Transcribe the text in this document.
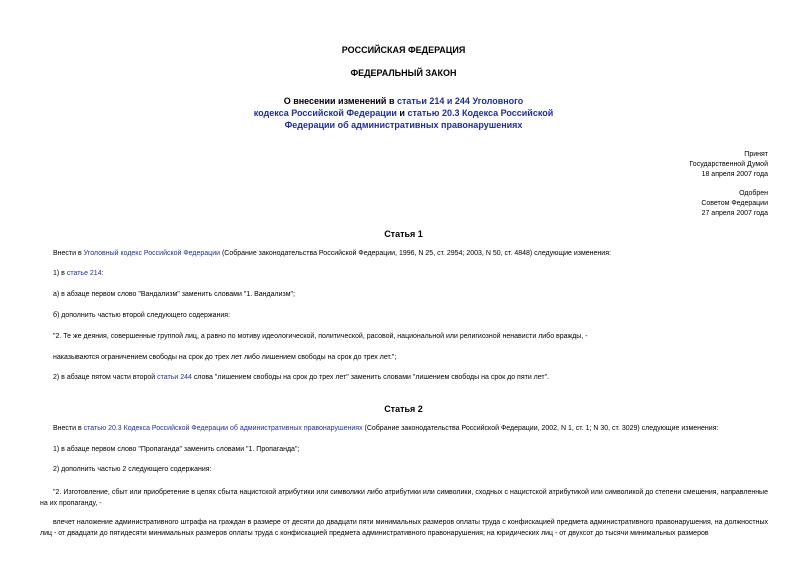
РОССИЙСКАЯ ФЕДЕРАЦИЯ
ФЕДЕРАЛЬНЫЙ ЗАКОН
О внесении изменений в статьи 214 и 244 Уголовного
кодекса Российской Федерации и статью 20.3 Кодекса Российской
Федерации об административных правонарушениях
Принят
Государственной Думой
18 апреля 2007 года
Одобрен
Советом Федерации
27 апреля 2007 года
Статья 1
Внести в Уголовный кодекс Российской Федерации (Собрание законодательства Российской Федерации, 1996, N 25, ст. 2954; 2003, N 50, ст. 4848) следующие изменения:
1) в статье 214:
а) в абзаце первом слово "Вандализм" заменить словами "1. Вандализм";
б) дополнить частью второй следующего содержания:
"2. Те же деяния, совершенные группой лиц, а равно по мотиву идеологической, политической, расовой, национальной или религиозной ненависти либо вражды, -
наказываются ограничением свободы на срок до трех лет либо лишением свободы на срок до трех лет.";
2) в абзаце пятом части второй статьи 244 слова "лишением свободы на срок до трех лет" заменить словами "лишением свободы на срок до пяти лет".
Статья 2
Внести в статью 20.3 Кодекса Российской Федерации об административных правонарушениях (Собрание законодательства Российской Федерации, 2002, N 1, ст. 1; N 30, ст. 3029) следующие изменения:
1) в абзаце первом слово "Пропаганда" заменить словами "1. Пропаганда";
2) дополнить частью 2 следующего содержания:
"2. Изготовление, сбыт или приобретение в целях сбыта нацистской атрибутики или символики либо атрибутики или символики, сходных с нацистской атрибутикой или символикой до степени смешения, направленные на их пропаганду, -
влечет наложение административного штрафа на граждан в размере от десяти до двадцати пяти минимальных размеров оплаты труда с конфискацией предмета административного правонарушения, на должностных лиц - от двадцати до пятидесяти минимальных размеров оплаты труда с конфискацией предмета административного правонарушения; на юридических лиц - от двухсот до тысячи минимальных размеров
